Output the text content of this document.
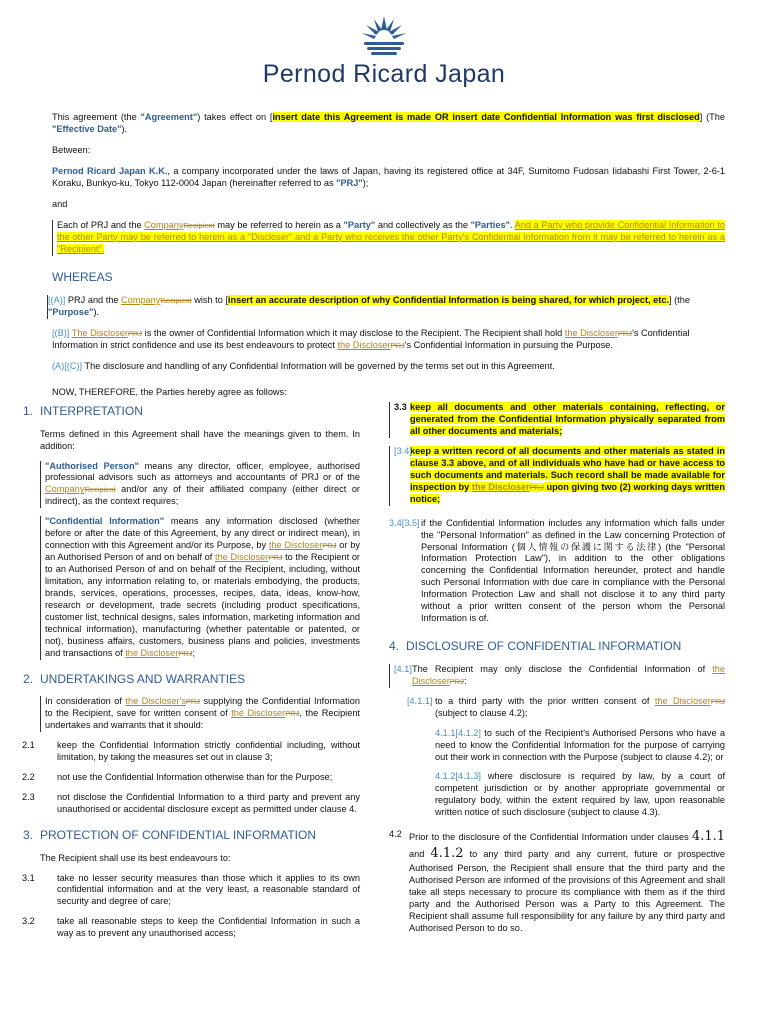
Pernod Ricard Japan

This agreement (the "Agreement") takes effect on [insert date this Agreement is made OR insert date Confidential Information was first disclosed] (The "Effective Date").

Between:

Pernod Ricard Japan K.K., a company incorporated under the laws of Japan, having its registered office at 34F, Sumitomo Fudosan Iidabashi First Tower, 2-6-1 Koraku, Bunkyo-ku, Tokyo 112-0004 Japan (hereinafter referred to as "PRJ");

and

Each of PRJ and the CompanyRecipient may be referred to herein as a "Party" and collectively as the "Parties". And a Party who provide Confidential Information to the other Party may be referred to herein as a "Discloser" and a Party who receives the other Party's Confidential Information from it may be referred to herein as a "Recipient".

WHEREAS
[(A)] PRJ and the CompanyRecipient wish to [insert an accurate description of why Confidential Information is being shared, for which project, etc.] (the "Purpose").
[(B)] The DiscloserPRJ is the owner of Confidential Information which it may disclose to the Recipient. The Recipient shall hold the DiscloserPRJ's Confidential Information in strict confidence and use its best endeavours to protect the DiscloserPRJ's Confidential Information in pursuing the Purpose.
(A)[(C)] The disclosure and handling of any Confidential Information will be governed by the terms set out in this Agreement.

NOW, THEREFORE, the Parties hereby agree as follows:

1. INTERPRETATION

Terms defined in this Agreement shall have the meanings given to them. In addition:

"Authorised Person" means any director, officer, employee, authorised professional advisors such as attorneys and accountants of PRJ or of the CompanyRecipient and/or any of their affiliated company (either direct or indirect), as the context requires;

"Confidential Information" means any information disclosed (whether before or after the date of this Agreement, by any direct or indirect mean), in connection with this Agreement and/or its Purpose, by the DiscloserPRJ or by an Authorised Person of and on behalf of the DiscloserPRJ to the Recipient or to an Authorised Person of and on behalf of the Recipient, including, without limitation, any information relating to, or materials embodying, the products, brands, services, operations, processes, recipes, data, ideas, know-how, research or development, trade secrets (including product specifications, customer list, technical designs, sales information, marketing information and technical information), manufacturing (whether patentable or patented, or not), business affairs, customers, business plans and policies, investments and transactions of the DiscloserPRJ;

2. UNDERTAKINGS AND WARRANTIES

In consideration of the Discloser'sPRJ supplying the Confidential Information to the Recipient, save for written consent of the DiscloserPRJ, the Recipient undertakes and warrants that it should:

2.1 keep the Confidential Information strictly confidential including, without limitation, by taking the measures set out in clause 3;
2.2 not use the Confidential Information otherwise than for the Purpose;
2.3 not disclose the Confidential Information to a third party and prevent any unauthorised or accidental disclosure except as permitted under clause 4.
3. PROTECTION OF CONFIDENTIAL INFORMATION

The Recipient shall use its best endeavours to:

3.1 take no lesser security measures than those which it applies to its own confidential information and at the very least, a reasonable standard of security and degree of care;
3.2 take all reasonable steps to keep the Confidential Information in such a way as to prevent any unauthorised access;
3.3 keep all documents and other materials containing, reflecting, or generated from the Confidential Information physically separated from all other documents and materials;
[3.4]
keep a written record of all documents and other materials as stated in clause 3.3 above, and of all individuals who have had or have access to such documents and materials. Such record shall be made available for inspection by the DiscloserPRJ upon giving two (2) working days written notice;
3.4[3.5] if the Confidential Information includes any information which falls under the "Personal Information" as defined in the Law concerning Protection of Personal Information (個人情報の保護に関する法律) (the "Personal Information Protection Law"), in addition to the other obligations concerning the Confidential Information hereunder, protect and handle such Personal Information with due care in compliance with the Personal Information Protection Law and shall not disclose it to any third party without a prior written consent of the person whom the Personal Information is of.
4. DISCLOSURE OF CONFIDENTIAL INFORMATION
[4.1] The Recipient may only disclose the Confidential Information of the DiscloserPRJ:
[4.1.1] to a third party with the prior written consent of the DiscloserPRJ (subject to clause 4.2);
4.1.1[4.1.2] to such of the Recipient's Authorised Persons who have a need to know the Confidential Information for the purpose of carrying out their work in connection with the Purpose (subject to clause 4.2); or
4.1.2[4.1.3] where disclosure is required by law, by a court of competent jurisdiction or by another appropriate governmental or regulatory body, within the extent required by law, upon reasonable written notice of such disclosure (subject to clause 4.3).
4.2 Prior to the disclosure of the Confidential Information under clauses 4.1.1 and 4.1.2 to any third party and any current, future or prospective Authorised Person, the Recipient shall ensure that the third party and the Authorised Person are informed of the provisions of this Agreement and shall take all steps necessary to procure its compliance with them as if the third party and the Authorised Person was a Party to this Agreement. The Recipient shall assume full responsibility for any failure by any third party and Authorised Person to do so.
